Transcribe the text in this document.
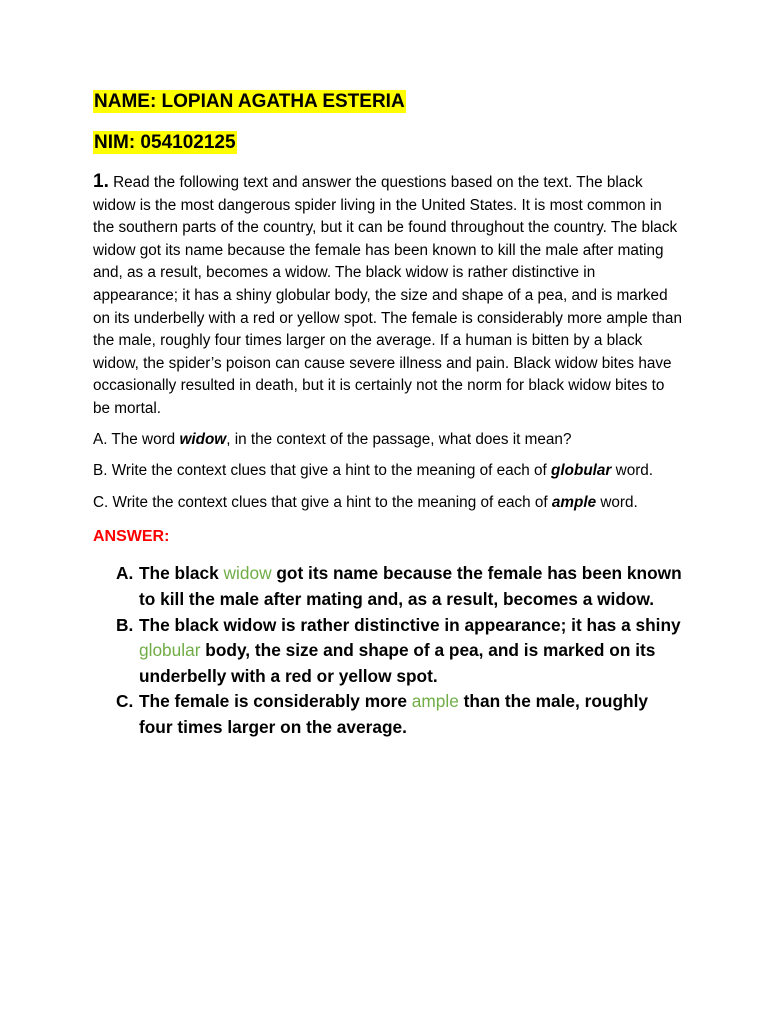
NAME: LOPIAN AGATHA ESTERIA

NIM: 054102125

1. Read the following text and answer the questions based on the text. The black widow is the most dangerous spider living in the United States. It is most common in the southern parts of the country, but it can be found throughout the country. The black widow got its name because the female has been known to kill the male after mating and, as a result, becomes a widow. The black widow is rather distinctive in appearance; it has a shiny globular body, the size and shape of a pea, and is marked on its underbelly with a red or yellow spot. The female is considerably more ample than the male, roughly four times larger on the average. If a human is bitten by a black widow, the spider’s poison can cause severe illness and pain. Black widow bites have occasionally resulted in death, but it is certainly not the norm for black widow bites to be mortal.

A. The word widow, in the context of the passage, what does it mean?

B. Write the context clues that give a hint to the meaning of each of globular word.

C. Write the context clues that give a hint to the meaning of each of ample word.

ANSWER:

A. The black widow got its name because the female has been known to kill the male after mating and, as a result, becomes a widow.
B. The black widow is rather distinctive in appearance; it has a shiny globular body, the size and shape of a pea, and is marked on its underbelly with a red or yellow spot.
C. The female is considerably more ample than the male, roughly four times larger on the average.
